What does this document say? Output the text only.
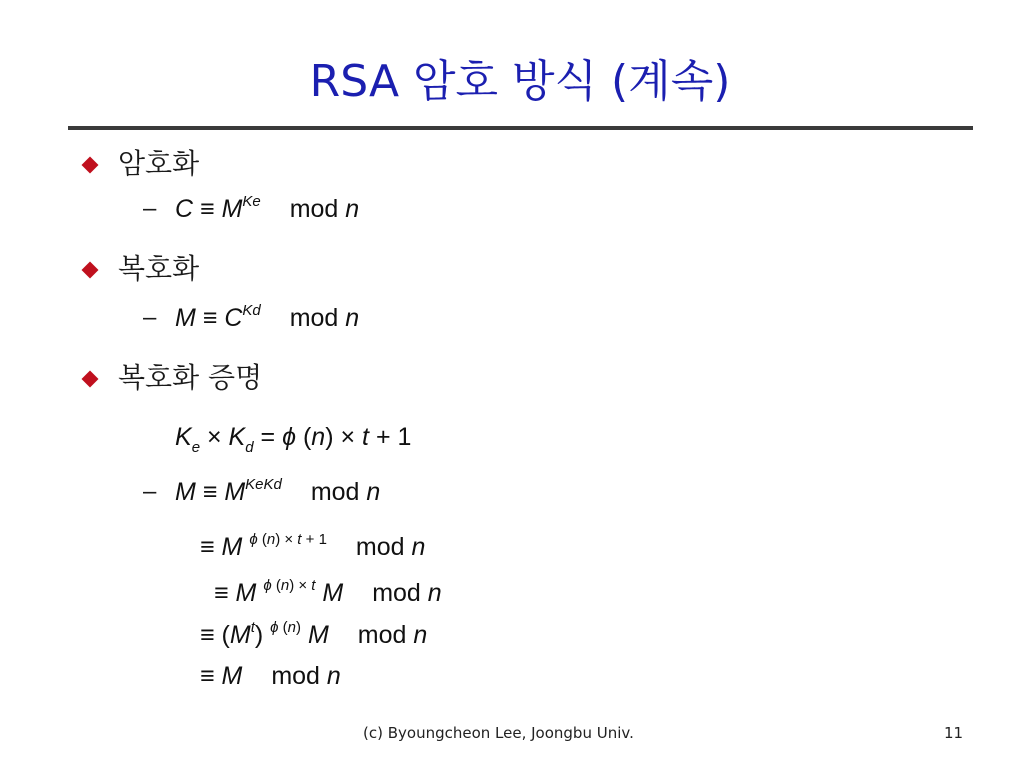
RSA 암호 방식 (계속)
암호화
– $C \equiv M^{Ke}$ mod n
복호화
– $M \equiv C^{Kd}$ mod n
복호화 증명
$K_e \times K_d = \phi$ (n) × t + 1
– $M \equiv M^{KeKd}$ mod n
≡ M $^{\phi (n) \times t + 1}$ mod n
≡ M $^{\phi (n) \times t}$ M mod n
≡ $(M^t)$ $^{\phi (n)}$ M mod n
≡ M mod n
(c) Byoungcheon Lee, Joongbu Univ.	11
